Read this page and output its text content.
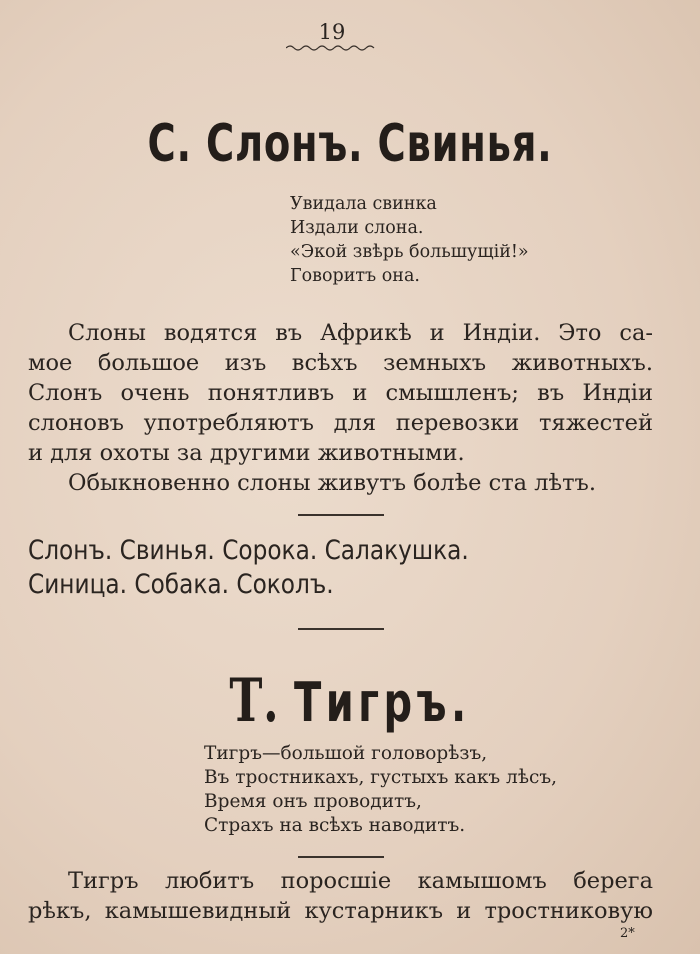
19
С. Слонъ. Свинья.
Увидала свинка
Издали слона.
«Экой звѣрь большущій!»
Говоритъ она.
Слоны водятся въ Африкѣ и Индіи. Это са-
мое большое изъ всѣхъ земныхъ животныхъ.
Слонъ очень понятливъ и смышленъ; въ Индіи
слоновъ употребляютъ для перевозки тяжестей
и для охоты за другими животными.
Обыкновенно слоны живутъ болѣе ста лѣтъ.
Слонъ. Свинья. Сорока. Салакушка.
Синица. Собака. Соколъ.
Т. Тигръ.
Тигръ—большой головорѣзъ,
Въ тростникахъ, густыхъ какъ лѣсъ,
Время онъ проводитъ,
Страхъ на всѣхъ наводитъ.
Тигръ любитъ поросшіе камышомъ берега
рѣкъ, камышевидный кустарникъ и тростниковую
2*
